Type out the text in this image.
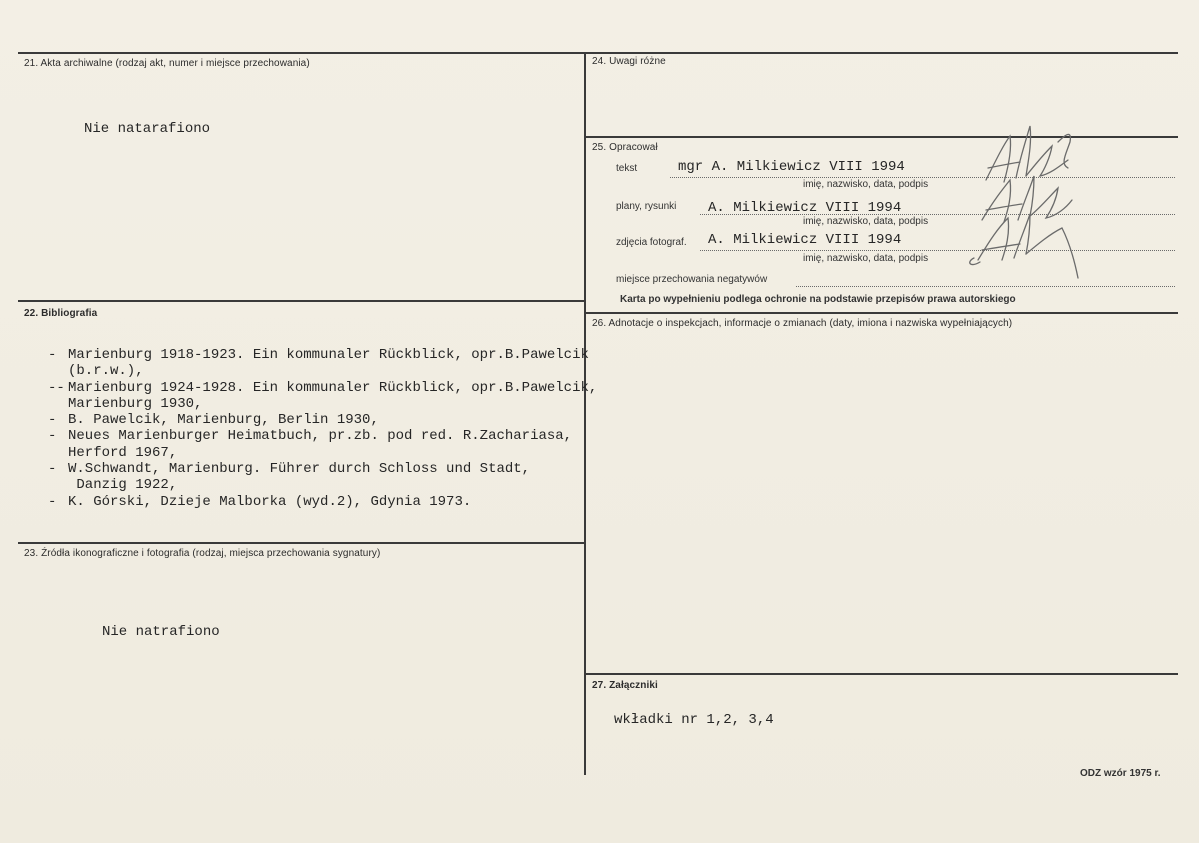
21. Akta archiwalne (rodzaj akt, numer i miejsce przechowania)
Nie natarafiono
22. Bibliografia
- Marienburg 1918-1923. Ein kommunaler Rückblick, opr.B.Pawelcik
(b.r.w.),
-- Marienburg 1924-1928. Ein kommunaler Rückblick, opr.B.Pawelcik,
Marienburg 1930,
- B. Pawelcik, Marienburg, Berlin 1930,
- Neues Marienburger Heimatbuch, pr.zb. pod red. R.Zachariasa,
Herford 1967,
- W.Schwandt, Marienburg. Führer durch Schloss und Stadt,
Danzig 1922,
- K. Górski, Dzieje Malborka (wyd.2), Gdynia 1973.
23. Źródła ikonograficzne i fotografia (rodzaj, miejsca przechowania sygnatury)
Nie natrafiono
24. Uwagi różne
25. Opracował
tekst	mgr A. Milkiewicz VIII 1994
imię, nazwisko, data, podpis
plany, rysunki A. Milkiewicz VIII 1994
imię, nazwisko, data, podpis
zdjęcia fotograf. A. Milkiewicz VIII 1994
imię, nazwisko, data, podpis
miejsce przechowania negatywów
Karta po wypełnieniu podlega ochronie na podstawie przepisów prawa autorskiego
26. Adnotacje o inspekcjach, informacje o zmianach (daty, imiona i nazwiska wypełniających)
27. Załączniki
wkładki nr 1,2, 3,4
ODZ wzór 1975 r.
